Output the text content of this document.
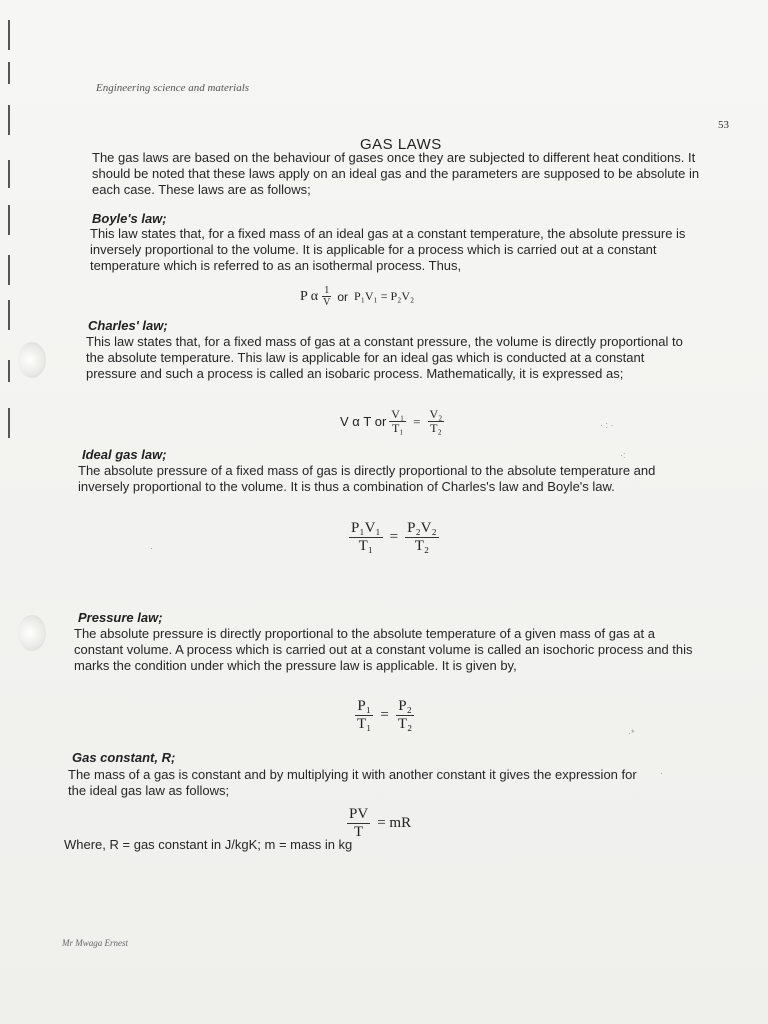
Engineering science and materials
53
GAS LAWS
The gas laws are based on the behaviour of gases once they are subjected to different heat conditions. It should be noted that these laws apply on an ideal gas and the parameters are supposed to be absolute in each case. These laws are as follows;
Boyle's law;
This law states that, for a fixed mass of an ideal gas at a constant temperature, the absolute pressure is inversely proportional to the volume. It is applicable for a process which is carried out at a constant temperature which is referred to as an isothermal process. Thus,
P α $\frac{1}{V}$ or P₁V₁ = P₂V₂
Charles' law;
This law states that, for a fixed mass of gas at a constant pressure, the volume is directly proportional to the absolute temperature. This law is applicable for an ideal gas which is conducted at a constant pressure and such a process is called an isobaric process. Mathematically, it is expressed as;
V α T or $\frac{\text{V₁}}{\text{T₁}} = \frac{\text{V₂}}{\text{T₂}}$
Ideal gas law;
The absolute pressure of a fixed mass of gas is directly proportional to the absolute temperature and inversely proportional to the volume. It is thus a combination of Charles's law and Boyle's law.
$\frac{\text{P₁V₁}}{\text{T₁}} = \frac{\text{P₂V₂}}{\text{T₂}}$
Pressure law;
The absolute pressure is directly proportional to the absolute temperature of a given mass of gas at a constant volume. A process which is carried out at a constant volume is called an isochoric process and this marks the condition under which the pressure law is applicable. It is given by,
$\frac{\text{P₁}}{\text{T₁}} = \frac{\text{P₂}}{\text{T₂}}$
Gas constant, R;
The mass of a gas is constant and by multiplying it with another constant it gives the expression for the ideal gas law as follows;
$\frac{PV}{T}$ = mR
Where, R = gas constant in J/kgK; m = mass in kg
Mr Mwaga Ernest
· : ·
·:
·*
·
·
